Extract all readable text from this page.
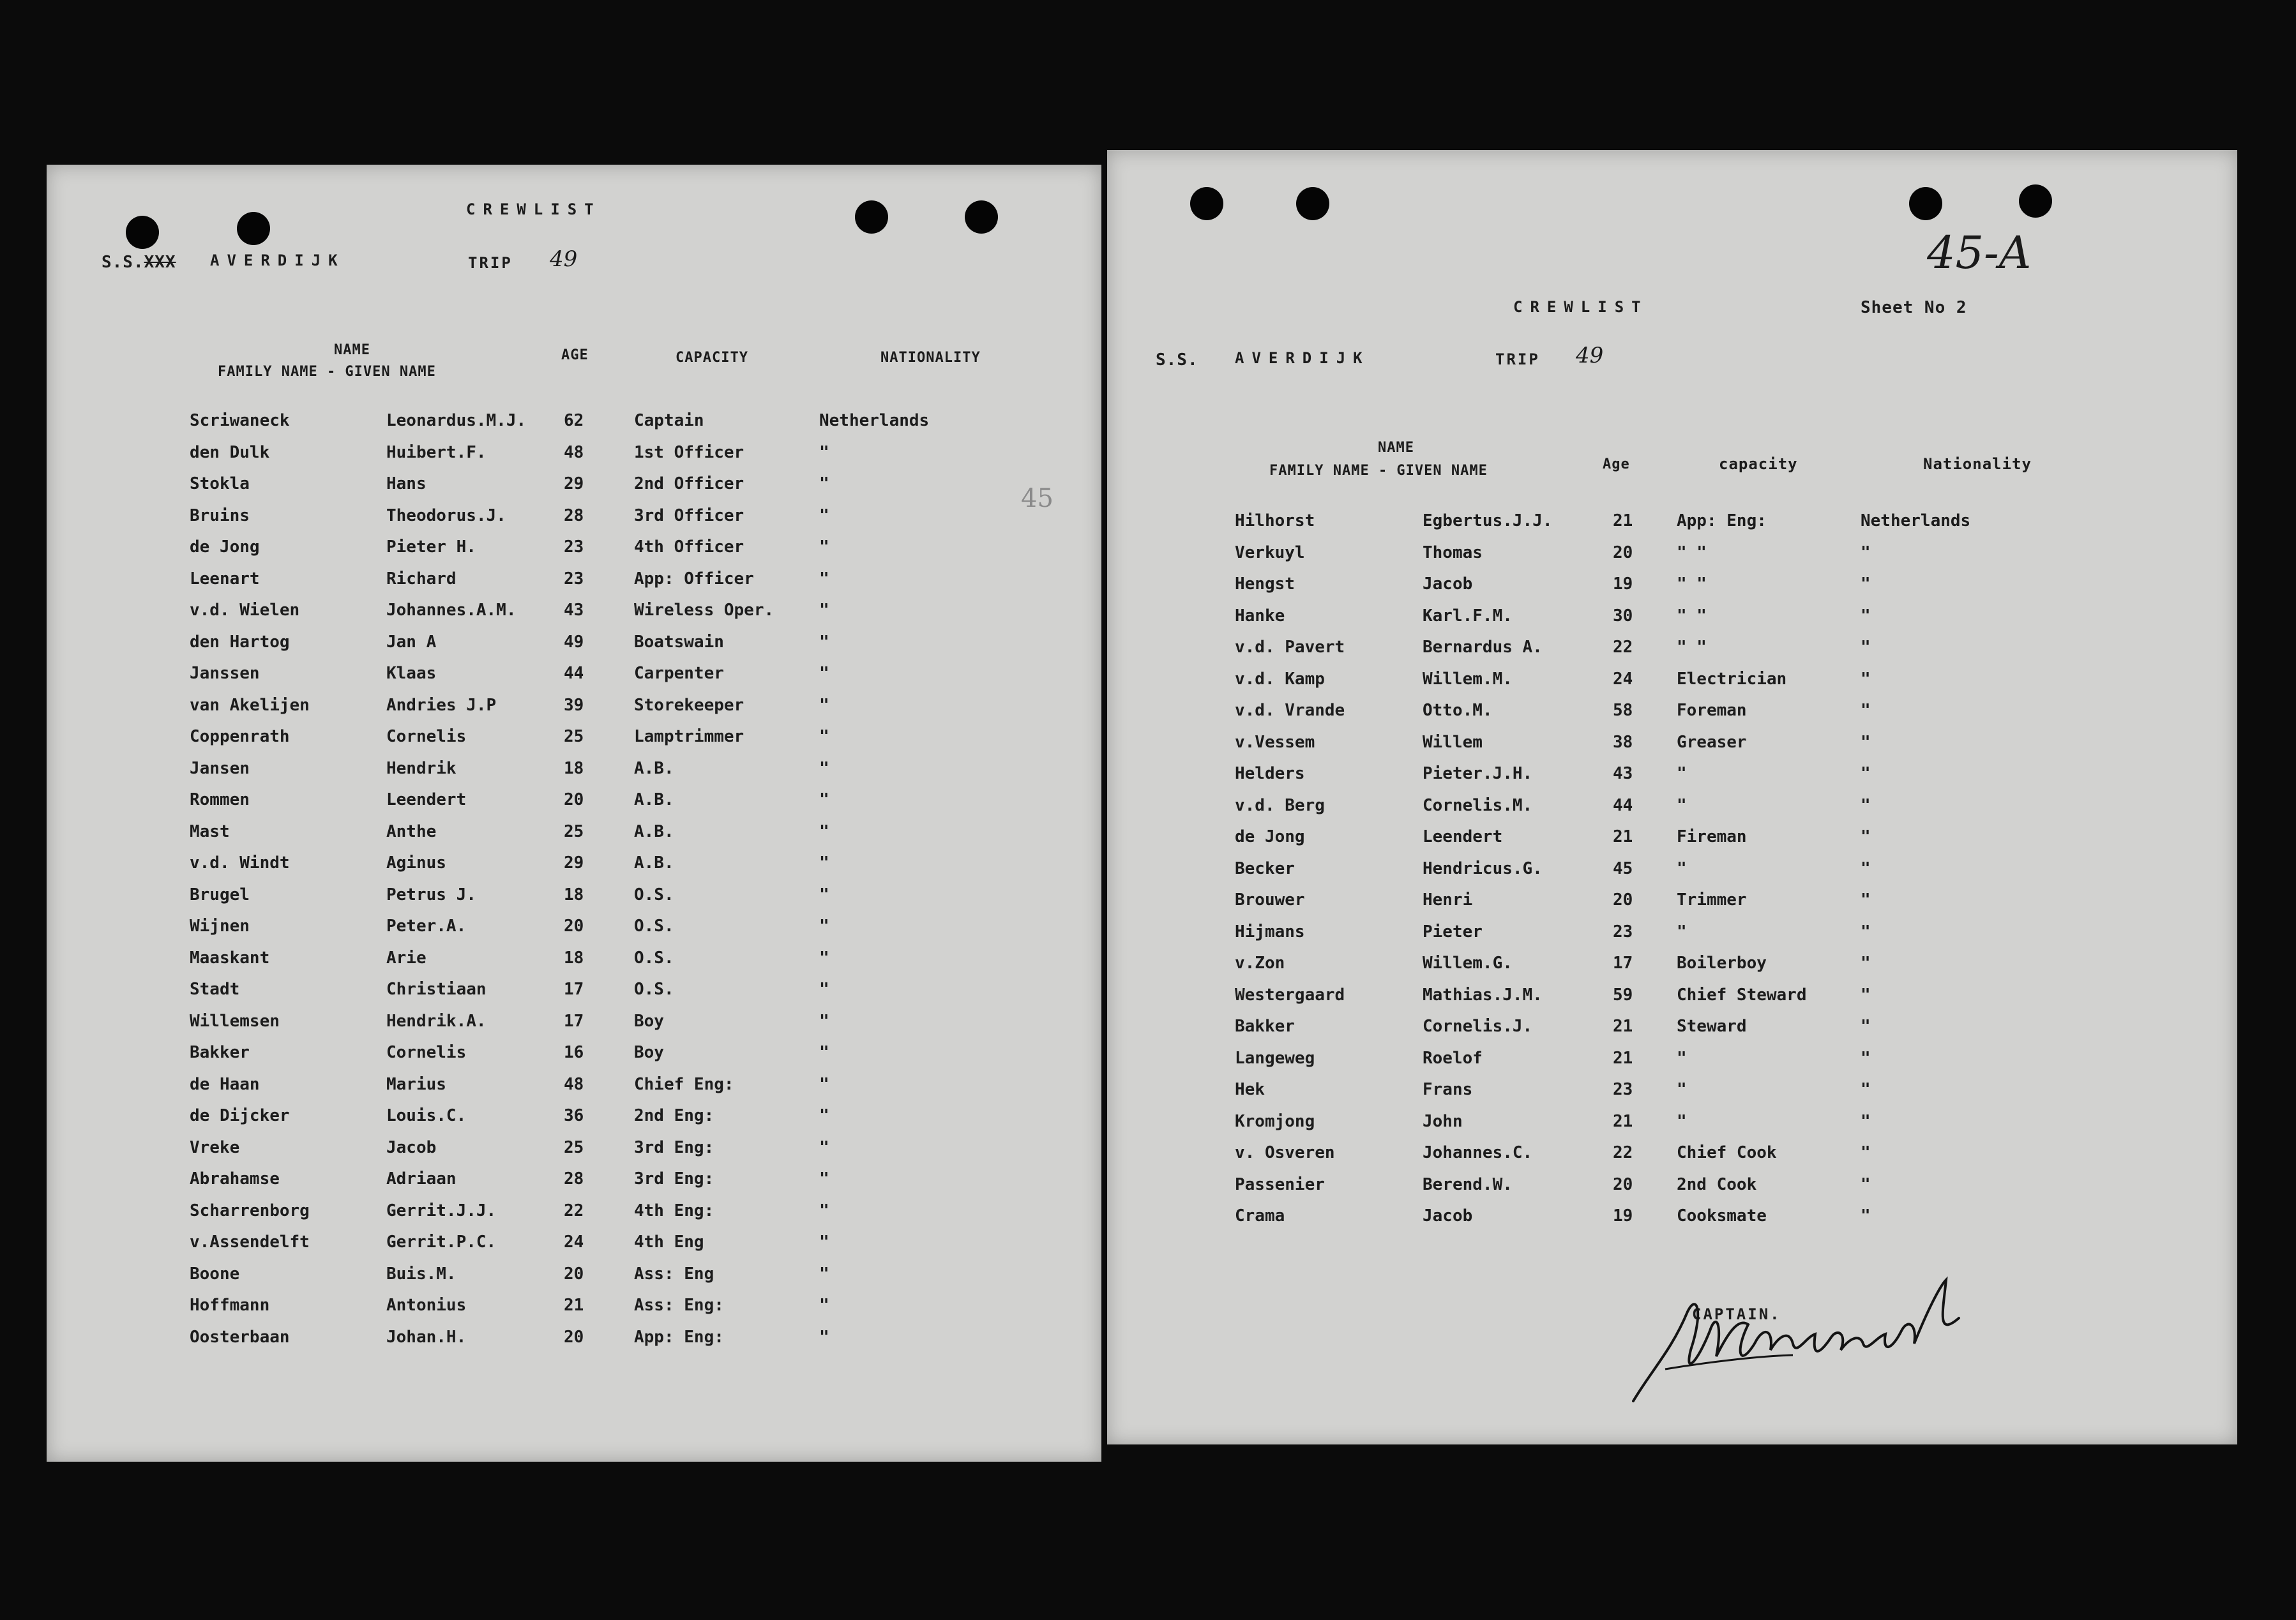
CREWLIST
S.S.XXX AVERDIJK	TRIP 49
45
NAME
FAMILY NAME - GIVEN NAME
AGE	CAPACITY	NATIONALITY
Scriwaneck	Leonardus.M.J. 62	Captain	Netherlands
den Dulk	Huibert.F.	48	1st Officer	"
Stokla	Hans	29	2nd Officer	"
Bruins	Theodorus.J.	28	3rd Officer	"
de Jong	Pieter H.	23	4th Officer	"
Leenart	Richard	23	App: Officer	"
v.d. Wielen	Johannes.A.M.	43	Wireless Oper.	"
den Hartog	Jan A	49	Boatswain	"
Janssen	Klaas	44	Carpenter	"
van Akelijen	Andries J.P	39	Storekeeper	"
Coppenrath	Cornelis	25	Lamptrimmer	"
Jansen	Hendrik	18	A.B.	"
Rommen	Leendert	20	A.B.	"
Mast	Anthe	25	A.B.	"
v.d. Windt	Aginus	29	A.B.	"
Brugel	Petrus J.	18	O.S.	"
Wijnen	Peter.A.	20	O.S.	"
Maaskant	Arie	18	O.S.	"
Stadt	Christiaan	17	O.S.	"
Willemsen	Hendrik.A.	17	Boy	"
Bakker	Cornelis	16	Boy	"
de Haan	Marius	48	Chief Eng:	"
de Dijcker	Louis.C.	36	2nd Eng:	"
Vreke	Jacob	25	3rd Eng:	"
Abrahamse	Adriaan	28	3rd Eng:	"
Scharrenborg	Gerrit.J.J.	22	4th Eng:	"
v.Assendelft	Gerrit.P.C.	24	4th Eng	"
Boone	Buis.M.	20	Ass: Eng	"
Hoffmann	Antonius	21	Ass: Eng:	"
Oosterbaan	Johan.H.	20	App: Eng:	"
45-A
CREWLIST	Sheet No 2
S.S. AVERDIJK	TRIP 49
NAME
FAMILY NAME - GIVEN NAME	Age	capacity	Nationality
Hilhorst	Egbertus.J.J.	21	App: Eng:	Netherlands
Verkuyl	Thomas	20	" "	"
Hengst	Jacob	19	" "	"
Hanke	Karl.F.M.	30	" "	"
v.d. Pavert	Bernardus A.	22	" "	"
v.d. Kamp	Willem.M.	24	Electrician	"
v.d. Vrande	Otto.M.	58	Foreman	"
v.Vessem	Willem	38	Greaser	"
Helders	Pieter.J.H.	43	"	"
v.d. Berg	Cornelis.M.	44	"	"
de Jong	Leendert	21	Fireman	"
Becker	Hendricus.G.	45	"	"
Brouwer	Henri	20	Trimmer	"
Hijmans	Pieter	23	"	"
v.Zon	Willem.G.	17	Boilerboy	"
Westergaard	Mathias.J.M.	59	Chief Steward	"
Bakker	Cornelis.J.	21	Steward	"
Langeweg	Roelof	21	"	"
Hek	Frans	23	"	"
Kromjong	John	21	"	"
v. Osveren	Johannes.C.	22	Chief Cook	"
Passenier	Berend.W.	20	2nd Cook	"
Crama	Jacob	19	Cooksmate	"
CAPTAIN.
